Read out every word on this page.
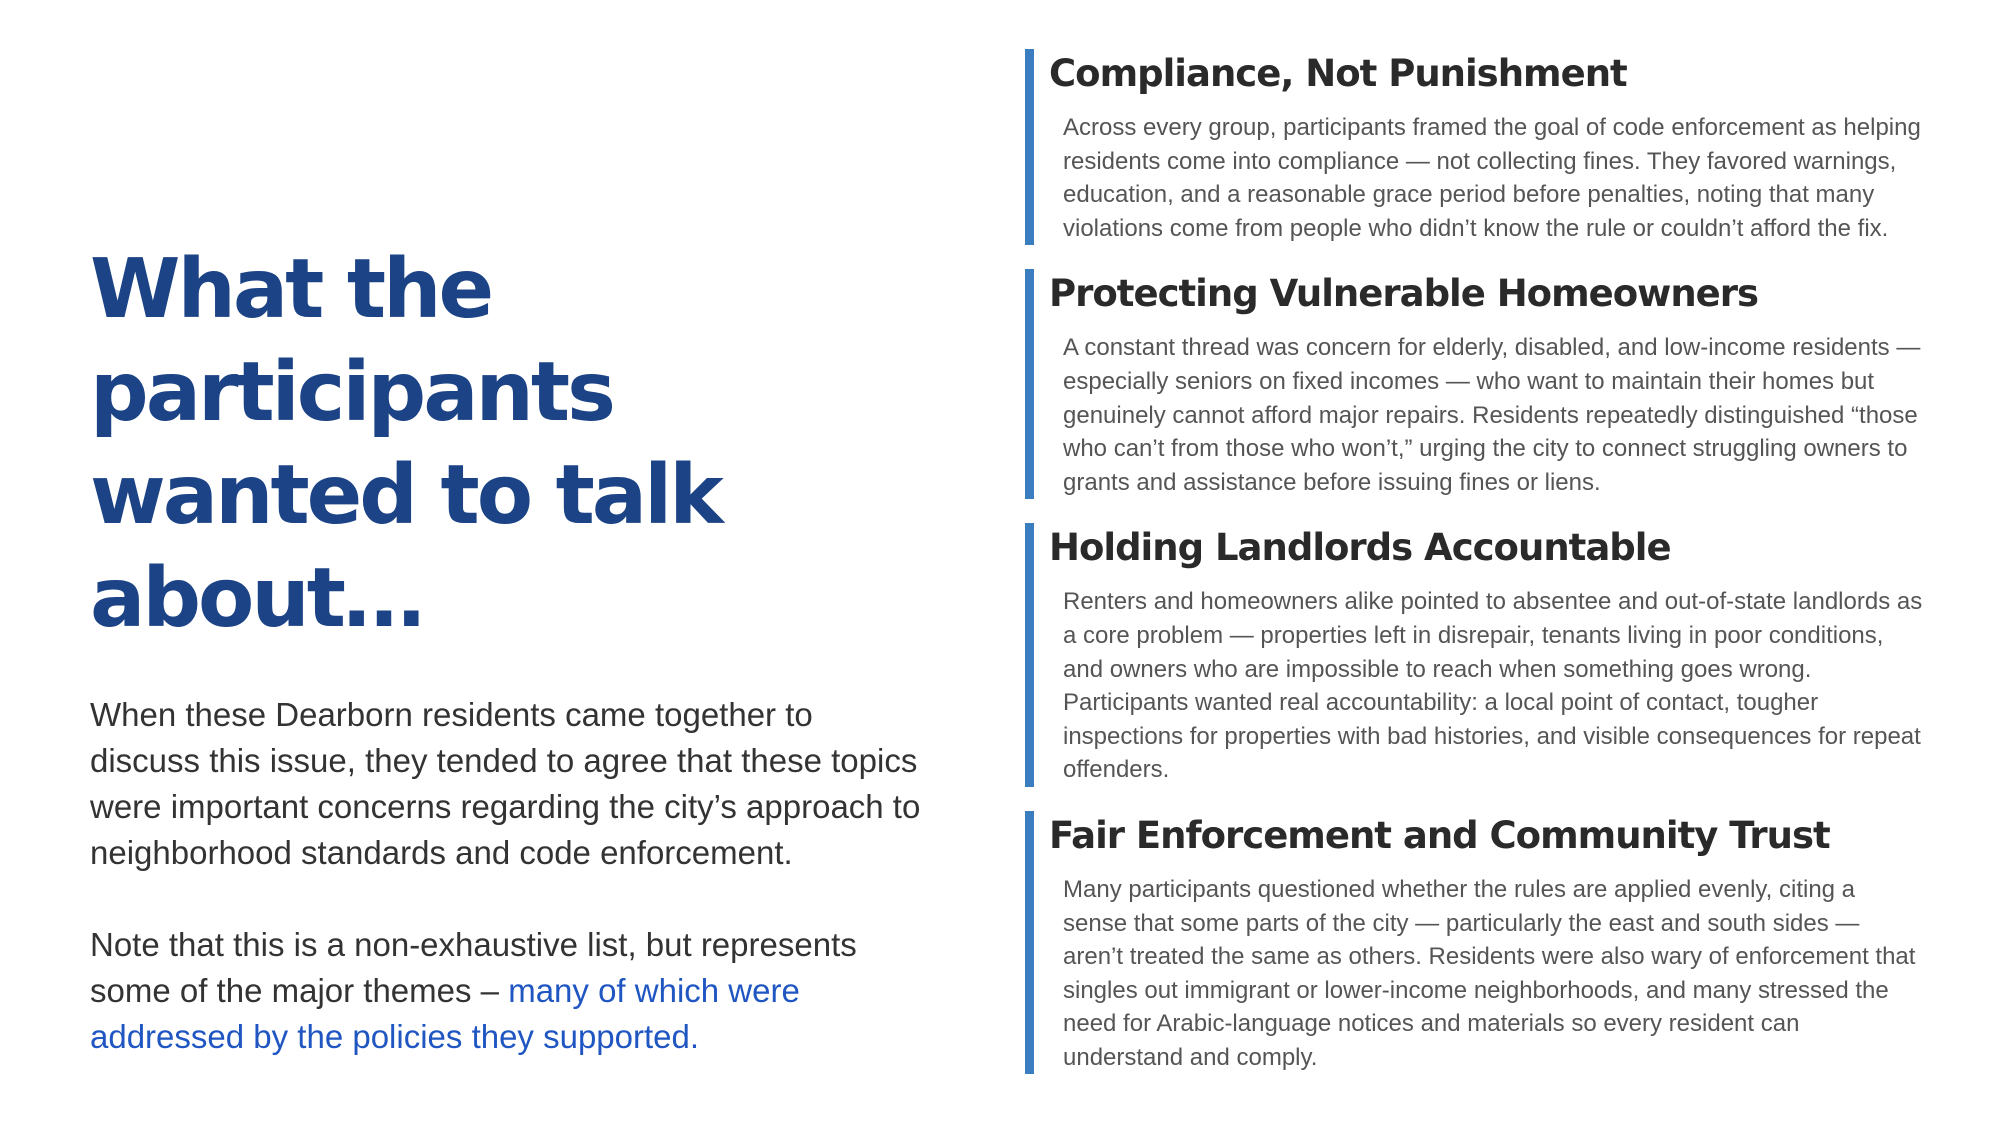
What the participants wanted to talk about…

When these Dearborn residents came together to discuss this issue, they tended to agree that these topics were important concerns regarding the city’s approach to neighborhood standards and code enforcement.

Note that this is a non-exhaustive list, but represents some of the major themes – many of which were addressed by the policies they supported.

Compliance, Not Punishment

Across every group, participants framed the goal of code enforcement as helping residents come into compliance — not collecting fines. They favored warnings, education, and a reasonable grace period before penalties, noting that many violations come from people who didn’t know the rule or couldn’t afford the fix.

Protecting Vulnerable Homeowners

A constant thread was concern for elderly, disabled, and low-income residents — especially seniors on fixed incomes — who want to maintain their homes but genuinely cannot afford major repairs. Residents repeatedly distinguished “those who can’t from those who won’t,” urging the city to connect struggling owners to grants and assistance before issuing fines or liens.

Holding Landlords Accountable

Renters and homeowners alike pointed to absentee and out-of-state landlords as a core problem — properties left in disrepair, tenants living in poor conditions, and owners who are impossible to reach when something goes wrong. Participants wanted real accountability: a local point of contact, tougher inspections for properties with bad histories, and visible consequences for repeat offenders.

Fair Enforcement and Community Trust

Many participants questioned whether the rules are applied evenly, citing a sense that some parts of the city — particularly the east and south sides — aren’t treated the same as others. Residents were also wary of enforcement that singles out immigrant or lower-income neighborhoods, and many stressed the need for Arabic-language notices and materials so every resident can understand and comply.
